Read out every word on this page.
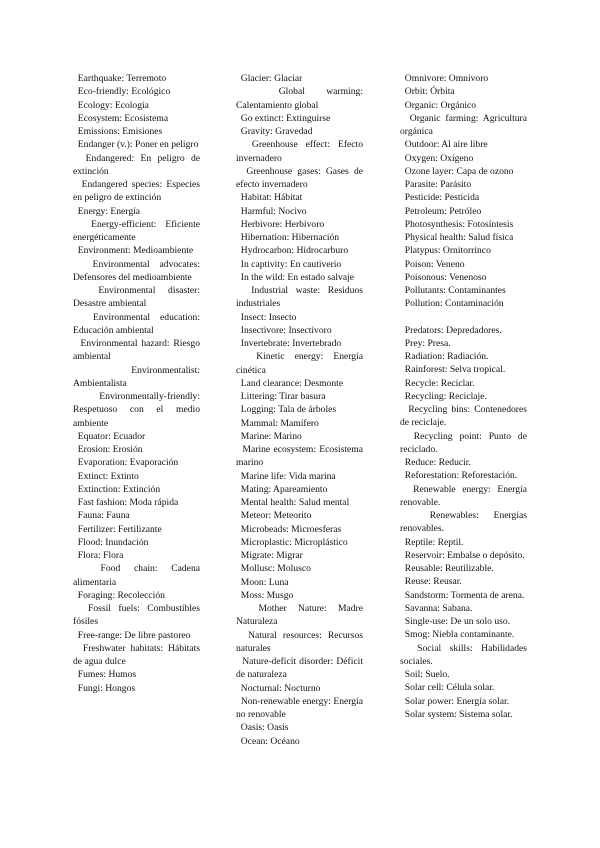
Earthquake: Terremoto

Eco-friendly: Ecológico

Ecology: Ecología

Ecosystem: Ecosistema

Emissions: Emisiones

Endanger (v.): Poner en peligro

Endangered: En peligro de extinción

Endangered species: Especies en peligro de extinción

Energy: Energía

Energy-efficient: Eficiente energéticamente

Environment: Medioambiente

Environmental advocates: Defensores del medioambiente

Environmental disaster: Desastre ambiental

Environmental education: Educación ambiental

Environmental hazard: Riesgo ambiental

Environmentalist: Ambientalista

Environmentally-friendly: Respetuoso con el medio ambiente

Equator: Ecuador

Erosion: Erosión

Evaporation: Evaporación

Extinct: Extinto

Extinction: Extinción

Fast fashion: Moda rápida

Fauna: Fauna

Fertilizer: Fertilizante

Flood: Inundación

Flora: Flora

Food chain: Cadena alimentaria

Foraging: Recolección

Fossil fuels: Combustibles fósiles

Free-range: De libre pastoreo

Freshwater habitats: Hábitats de agua dulce

Fumes: Humos

Fungi: Hongos

Glacier: Glaciar

Global warming: Calentamiento global

Go extinct: Extinguirse

Gravity: Gravedad

Greenhouse effect: Efecto invernadero

Greenhouse gases: Gases de efecto invernadero

Habitat: Hábitat

Harmful: Nocivo

Herbivore: Herbívoro

Hibernation: Hibernación

Hydrocarbon: Hidrocarburo

In captivity: En cautiverio

In the wild: En estado salvaje

Industrial waste: Residuos industriales

Insect: Insecto

Insectivore: Insectívoro

Invertebrate: Invertebrado

Kinetic energy: Energía cinética

Land clearance: Desmonte

Littering: Tirar basura

Logging: Tala de árboles

Mammal: Mamífero

Marine: Marino

Marine ecosystem: Ecosistema marino

Marine life: Vida marina

Mating: Apareamiento

Mental health: Salud mental

Meteor: Meteorito

Microbeads: Microesferas

Microplastic: Microplástico

Migrate: Migrar

Mollusc: Molusco

Moon: Luna

Moss: Musgo

Mother Nature: Madre Naturaleza

Natural resources: Recursos naturales

Nature-deficit disorder: Déficit de naturaleza

Nocturnal: Nocturno

Non-renewable energy: Energía no renovable

Oasis: Oasis

Ocean: Océano

Omnivore: Omnívoro

Orbit: Órbita

Organic: Orgánico

Organic farming: Agricultura orgánica

Outdoor: Al aire libre

Oxygen: Oxígeno

Ozone layer: Capa de ozono

Parasite: Parásito

Pesticide: Pesticida

Petroleum: Petróleo

Photosynthesis: Fotosíntesis

Physical health: Salud física

Platypus: Ornitorrinco

Poison: Veneno

Poisonous: Venenoso

Pollutants: Contaminantes

Pollution: Contaminación

Predators: Depredadores.

Prey: Presa.

Radiation: Radiación.

Rainforest: Selva tropical.

Recycle: Reciclar.

Recycling: Reciclaje.

Recycling bins: Contenedores de reciclaje.

Recycling point: Punto de reciclado.

Reduce: Reducir.

Reforestation: Reforestación.

Renewable energy: Energía renovable.

Renewables: Energías renovables.

Reptile: Reptil.

Reservoir: Embalse o depósito.

Reusable: Reutilizable.

Reuse: Reusar.

Sandstorm: Tormenta de arena.

Savanna: Sabana.

Single-use: De un solo uso.

Smog: Niebla contaminante.

Social skills: Habilidades sociales.

Soil: Suelo.

Solar cell: Célula solar.

Solar power: Energía solar.

Solar system: Sistema solar.
